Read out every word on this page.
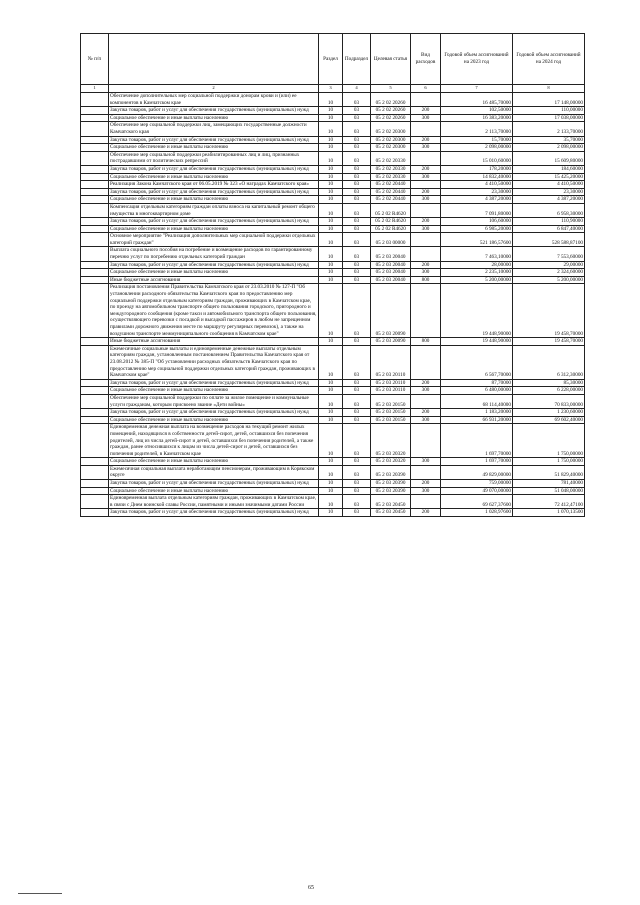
№ п/п		Раздел	Подраздел	Целевая статья	Вид расходов	Годовой объем ассигнований на 2023 год	Годовой объем ассигнований на 2024 год
1	2	3	4	5	6	7	8
	Обеспечение дополнительных мер социальной поддержки донорам крови и (или) ее компонентов в Камчатском крае	10	03	05 2 02 20260		16 485,70000	17 148,00000
	Закупка товаров, работ и услуг для обеспечения государственных (муниципальных) нужд	10	03	05 2 02 20260	200	102,50000	110,00000
	Социальное обеспечение и иные выплаты населению	10	03	05 2 02 20260	300	16 383,20000	17 038,00000
	Обеспечение мер социальной поддержки лиц, замещающих государственные должности Камчатского края	10	03	05 2 02 20300		2 113,70000	2 133,70000
	Закупка товаров, работ и услуг для обеспечения государственных (муниципальных) нужд	10	03	05 2 02 20300	200	15,70000	35,70000
	Социальное обеспечение и иные выплаты населению	10	03	05 2 02 20300	300	2 098,00000	2 098,00000
	Обеспечение мер социальной поддержки реабилитированных лиц и лиц, признанных пострадавшими от политических репрессий	10	03	05 2 02 20330		15 010,60000	15 609,80000
	Закупка товаров, работ и услуг для обеспечения государственных (муниципальных) нужд	10	03	05 2 02 20330	200	178,20000	184,60000
	Социальное обеспечение и иные выплаты населению	10	03	05 2 02 20330	300	14 832,40000	15 425,20000
	Реализация Закона Камчатского края от 06.05.2019 № 323 «О наградах Камчатского края»	10	03	05 2 02 20440		4 410,50000	4 410,50000
	Закупка товаров, работ и услуг для обеспечения государственных (муниципальных) нужд	10	03	05 2 02 20440	200	23,30000	23,30000
	Социальное обеспечение и иные выплаты населению	10	03	05 2 02 20440	300	4 387,20000	4 387,20000
	Компенсация отдельным категориям граждан оплаты взноса на капитальный ремонт общего имущества в многоквартирном доме	10	03	05 2 02 R4620		7 091,80000	6 958,30000
	Закупка товаров, работ и услуг для обеспечения государственных (муниципальных) нужд	10	03	05 2 02 R4620	200	106,60000	110,90000
	Социальное обеспечение и иные выплаты населению	10	03	05 2 02 R4620	300	6 985,20000	6 847,40000
	Основное мероприятие "Реализация дополнительных мер социальной поддержки отдельных категорий граждан"	10	03	05 2 03 00000		521 186,57600	528 588,87100
	Выплата социального пособия на погребение и возмещение расходов по гарантированному перечню услуг по погребению отдельных категорий граждан	10	03	05 2 03 20040		7 463,10000	7 553,60000
	Закупка товаров, работ и услуг для обеспечения государственных (муниципальных) нужд	10	03	05 2 03 20040	200	28,00000	29,00000
	Социальное обеспечение и иные выплаты населению	10	03	05 2 03 20040	300	2 235,10000	2 324,60000
	Иные бюджетные ассигнования	10	03	05 2 03 20040	800	5 200,00000	5 200,00000
	Реализация постановления Правительства Камчатского края от 23.03.2010 № 127-П "Об установлении расходного обязательства Камчатского края по предоставлению мер социальной поддержки отдельным категориям граждан, проживающих в Камчатском крае, по проезду на автомобильном транспорте общего пользования городского, пригородного и междугородного сообщения (кроме такси и автомобильного транспорта общего пользования, осуществляющего перевозки с посадкой и высадкой пассажиров в любом не запрещенном правилами дорожного движения месте по маршруту регулярных перевозок), а также на воздушном транспорте межмуниципального сообщения в Камчатском крае"	10	03	05 2 03 20090		19 448,90000	19 458,70000
	Иные бюджетные ассигнования	10	03	05 2 03 20090	800	19 448,90000	19 458,70000
	Ежемесячные социальные выплаты и единовременные денежные выплаты отдельным категориям граждан, установленным постановлением Правительства Камчатского края от 23.08.2012 № 385-П "Об установлении расходных обязательств Камчатского края по предоставлению мер социальной поддержки отдельных категорий граждан, проживающих в Камчатском крае"	10	03	05 2 03 20110		6 567,70000	6 312,30000
	Закупка товаров, работ и услуг для обеспечения государственных (муниципальных) нужд	10	03	05 2 03 20110	200	87,70000	85,30000
	Социальное обеспечение и иные выплаты населению	10	03	05 2 03 20110	300	6 480,00000	6 228,00000
	Обеспечение мер социальной поддержки по оплате за жилое помещение и коммунальные услуги гражданам, которым присвоено звание «Дети войны»	10	03	05 2 03 20150		68 114,40000	70 833,00000
	Закупка товаров, работ и услуг для обеспечения государственных (муниципальных) нужд	10	03	05 2 03 20150	200	1 183,20000	1 230,60000
	Социальное обеспечение и иные выплаты населению	10	03	05 2 03 20150	300	66 931,20000	69 602,40000
	Единовременная денежная выплата на возмещение расходов на текущий ремонт жилых помещений, находящихся в собственности детей-сирот, детей, оставшихся без попечения родителей, лиц из числа детей-сирот и детей, оставшихся без попечения родителей, а также граждан, ранее относившихся к лицам из числа детей-сирот и детей, оставшихся без попечения родителей, в Камчатском крае	10	03	05 2 03 20320		1 697,70000	1 750,00000
	Социальное обеспечение и иные выплаты населению	10	03	05 2 03 20320	300	1 697,70000	1 750,00000
	Ежемесячная социальная выплата неработающим пенсионерам, проживающим в Корякском округе	10	03	05 2 03 20390		49 829,00000	51 829,40000
	Закупка товаров, работ и услуг для обеспечения государственных (муниципальных) нужд	10	03	05 2 03 20390	200	759,00000	781,40000
	Социальное обеспечение и иные выплаты населению	10	03	05 2 03 20390	300	49 070,00000	51 048,00000
	Единовременная выплата отдельным категориям граждан, проживающих в Камчатском крае, в связи с Днем воинской славы России, памятными и иными значимыми датами России	10	03	05 2 03 20450		69 627,37600	72 412,47100
	Закупка товаров, работ и услуг для обеспечения государственных (муниципальных) нужд	10	03	05 2 03 20450	200	1 028,97600	1 070,13500
65
